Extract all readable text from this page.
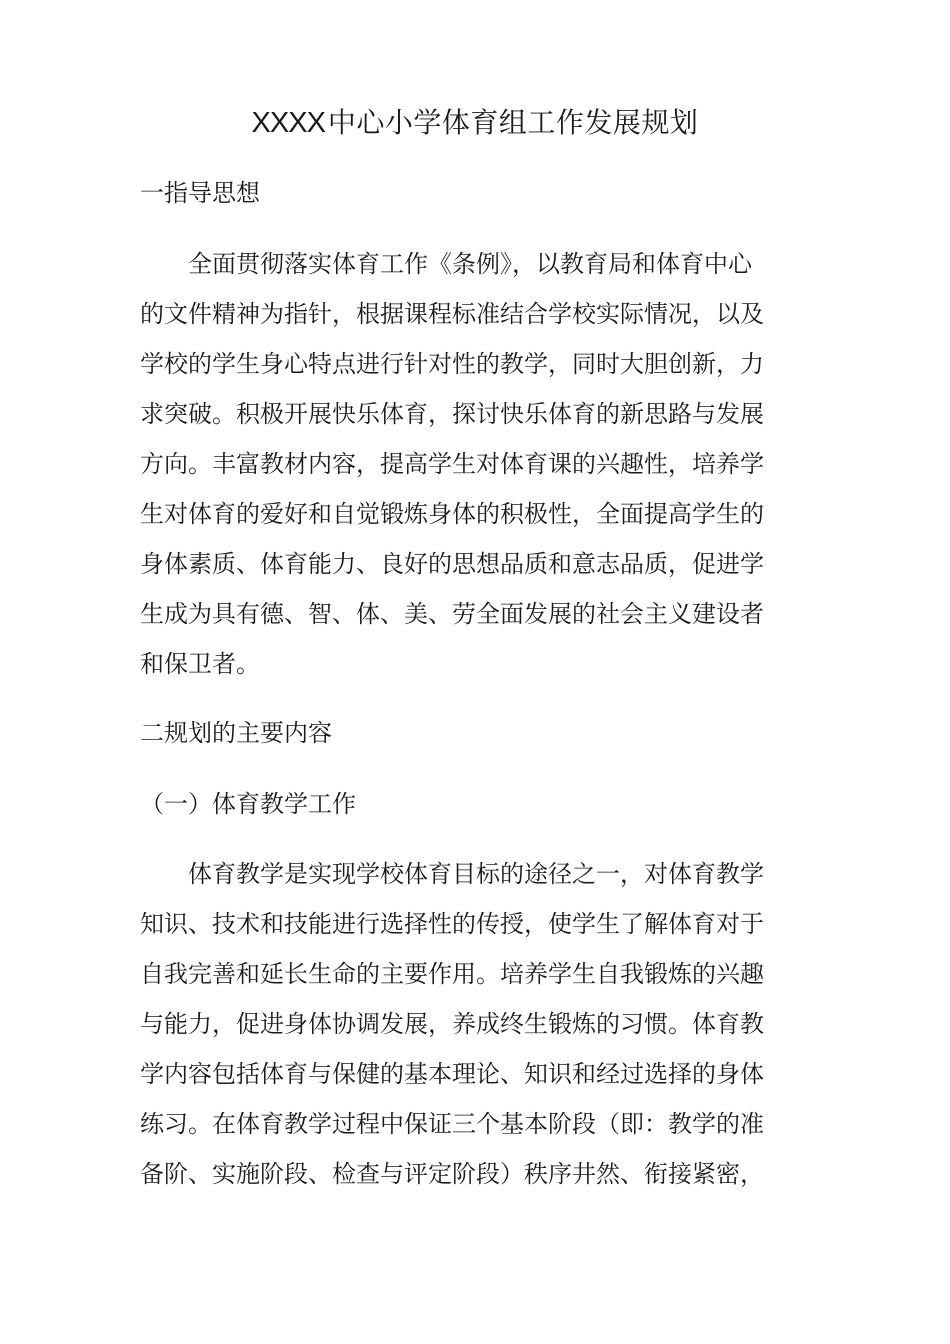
XXXX 中心小学体育组工作发展规划
一指导思想
　　全面贯彻落实体育工作《条例》，以教育局和体育中心
的文件精神为指针，根据课程标准结合学校实际情况，以及
学校的学生身心特点进行针对性的教学，同时大胆创新，力
求突破。积极开展快乐体育，探讨快乐体育的新思路与发展
方向。丰富教材内容，提高学生对体育课的兴趣性，培养学
生对体育的爱好和自觉锻炼身体的积极性，全面提高学生的
身体素质、体育能力、良好的思想品质和意志品质，促进学
生成为具有德、智、体、美、劳全面发展的社会主义建设者
和保卫者。
二规划的主要内容
（一）体育教学工作
　　体育教学是实现学校体育目标的途径之一，对体育教学
知识、技术和技能进行选择性的传授，使学生了解体育对于
自我完善和延长生命的主要作用。培养学生自我锻炼的兴趣
与能力，促进身体协调发展，养成终生锻炼的习惯。体育教
学内容包括体育与保健的基本理论、知识和经过选择的身体
练习。在体育教学过程中保证三个基本阶段（即：教学的准
备阶、实施阶段、检查与评定阶段）秩序井然、衔接紧密，
